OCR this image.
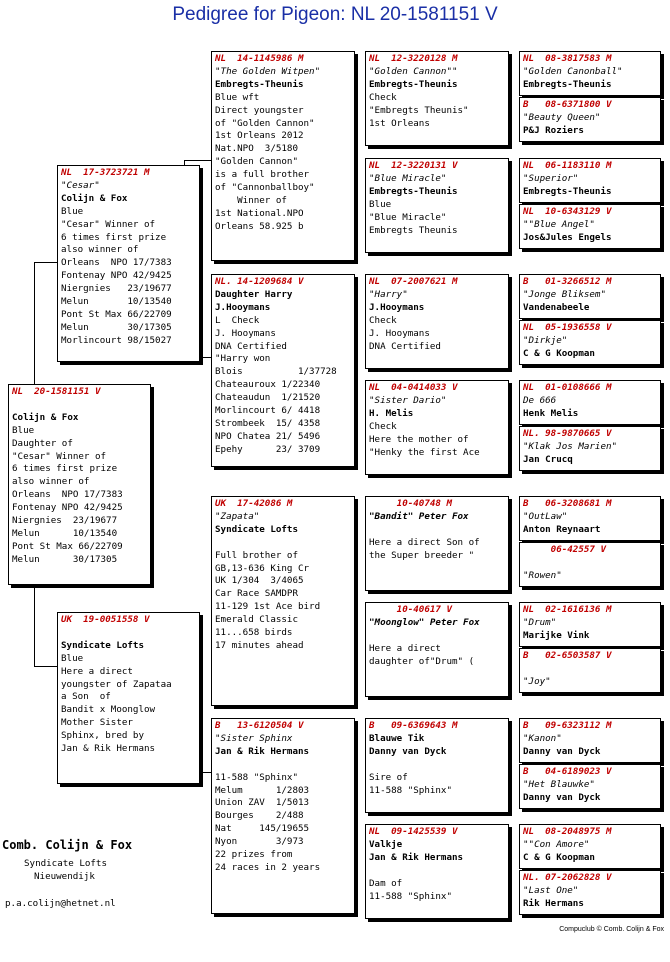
Pedigree for Pigeon: NL 20-1581151 V
NL  20-1581151 V
Colijn & Fox
Blue
Daughter of
"Cesar" Winner of
6 times first prize
also winner of
Orleans  NPO 17/7383
Fontenay NPO 42/9425
Niergnies  23/19677
Melun      10/13540
Pont St Max 66/22709
Melun      30/17305
NL  17-3723721 M
"Cesar"
Colijn & Fox
Blue
"Cesar" Winner of
6 times first prize
also winner of
Orleans  NPO 17/7383
Fontenay NPO 42/9425
Niergnies   23/19677
Melun       10/13540
Pont St Max 66/22709
Melun       30/17305
Morlincourt 98/15027
UK  19-0051558 V
Syndicate Lofts
Blue
Here a direct
youngster of Zapataa
a Son  of
Bandit x Moonglow
Mother Sister
Sphinx, bred by
Jan & Rik Hermans
NL  14-1145986 M
"The Golden Witpen"
Embregts-Theunis
Blue wft
Direct youngster
of "Golden Cannon"
1st Orleans 2012
Nat.NPO  3/5180
"Golden Cannon"
is a full brother
of "Cannonballboy"
Winner of
1st National.NPO
Orleans 58.925 b
NL. 14-1209684 V
Daughter Harry
J.Hooymans
L  Check
J. Hooymans
DNA Certified
"Harry won
Blois          1/37728
Chateauroux 1/22340
Chateaudun  1/21520
Morlincourt 6/ 4418
Strombeek  15/ 4358
NPO Chatea 21/ 5496
Epehy      23/ 3709
UK  17-42086 M
"Zapata"
Syndicate Lofts
Full brother of
GB,13-636 King Cr
UK 1/304  3/4065
Car Race SAMDPR
11-129 1st Ace bird
Emerald Classic
11...658 birds
17 minutes ahead
B   13-6120504 V
"Sister Sphinx
Jan & Rik Hermans
11-588 "Sphinx"
Melum      1/2803
Union ZAV  1/5013
Bourges    2/488
Nat     145/19655
Nyon       3/973
22 prizes from
24 races in 2 years
NL  12-3220128 M
"Golden Cannon""
Embregts-Theunis
Check
"Embregts Theunis"
1st Orleans
NL  12-3220131 V
"Blue Miracle"
Embregts-Theunis
Blue
"Blue Miracle"
Embregts Theunis
NL  07-2007621 M
"Harry"
J.Hooymans
Check
J. Hooymans
DNA Certified
NL  04-0414033 V
"Sister Dario"
H. Melis
Check
Here the mother of
"Henky the first Ace
10-40748 M
"Bandit" Peter Fox
Here a direct Son of
the Super breeder "
10-40617 V
"Moonglow" Peter Fox
Here a direct
daughter of"Drum" (
B   09-6369643 M
Blauwe Tik
Danny van Dyck
Sire of
11-588 "Sphinx"
NL  09-1425539 V
Valkje
Jan & Rik Hermans
Dam of
11-588 "Sphinx"
NL  08-3817583 M
"Golden Canonball"
Embregts-Theunis
B   08-6371800 V
"Beauty Queen"
P&J Roziers
NL  06-1183110 M
"Superior"
Embregts-Theunis
NL  10-6343129 V
""Blue Angel"
Jos&Jules Engels
B   01-3266512 M
"Jonge Bliksem"
Vandenabeele
NL  05-1936558 V
"Dirkje"
C & G Koopman
NL  01-0108666 M
De 666
Henk Melis
NL. 98-9870665 V
"Klak Jos Marien"
Jan Crucq
B   06-3208681 M
"OutLaw"
Anton Reynaart
06-42557 V
"Rowen"
NL  02-1616136 M
"Drum"
Marijke Vink
B   02-6503587 V
"Joy"
B   09-6323112 M
"Kanon"
Danny van Dyck
B   04-6189023 V
"Het Blauwke"
Danny van Dyck
NL  08-2048975 M
""Con Amore"
C & G Koopman
NL. 07-2062828 V
"Last One"
Rik Hermans
Comb. Colijn & Fox
Syndicate Lofts
Nieuwendijk
p.a.colijn@hetnet.nl
Compuclub © Comb. Colijn & Fox
